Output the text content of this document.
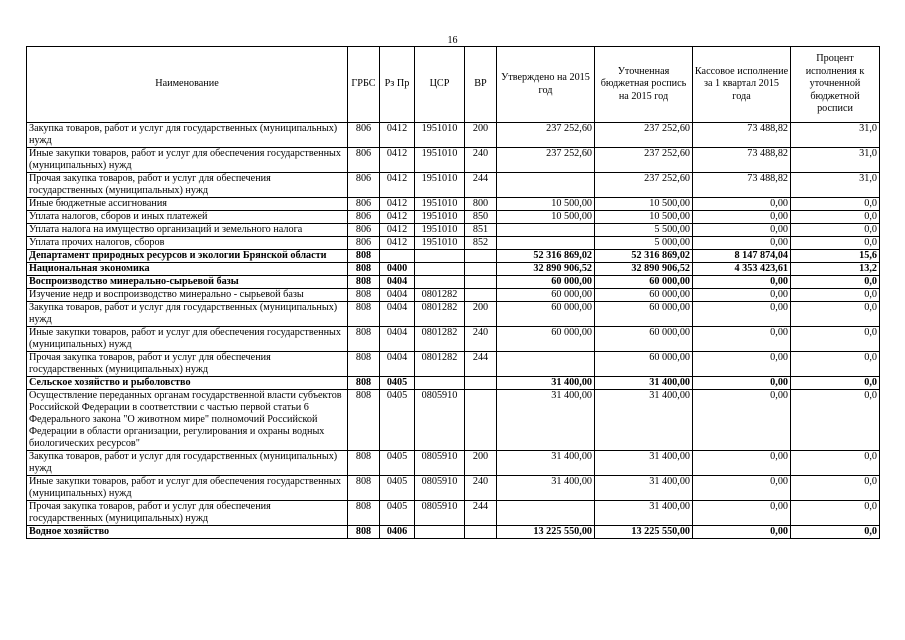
16
Наименование	ГРБС	Рз Пр	ЦСР	ВР	Утверждено на 2015 год	Уточненная бюджетная роспись на 2015 год	Кассовое исполнение за 1 квартал 2015 года	Процент исполнения к уточненной бюджетной росписи
Закупка товаров, работ и услуг для государственных (муниципальных) нужд	806	0412	1951010	200	237 252,60	237 252,60	73 488,82	31,0
Иные закупки товаров, работ и услуг для обеспечения государственных (муниципальных) нужд	806	0412	1951010	240	237 252,60	237 252,60	73 488,82	31,0
Прочая закупка товаров, работ и услуг для обеспечения государственных (муниципальных) нужд	806	0412	1951010	244		237 252,60	73 488,82	31,0
Иные бюджетные ассигнования	806	0412	1951010	800	10 500,00	10 500,00	0,00	0,0
Уплата налогов, сборов и иных платежей	806	0412	1951010	850	10 500,00	10 500,00	0,00	0,0
Уплата налога на имущество организаций и земельного налога	806	0412	1951010	851		5 500,00	0,00	0,0
Уплата прочих налогов, сборов	806	0412	1951010	852		5 000,00	0,00	0,0
Департамент природных ресурсов и экологии Брянской области	808				52 316 869,02	52 316 869,02	8 147 874,04	15,6
Национальная экономика	808	0400			32 890 906,52	32 890 906,52	4 353 423,61	13,2
Воспроизводство минерально-сырьевой базы	808	0404			60 000,00	60 000,00	0,00	0,0
Изучение недр и воспроизводство минерально - сырьевой базы	808	0404	0801282		60 000,00	60 000,00	0,00	0,0
Закупка товаров, работ и услуг для государственных (муниципальных) нужд	808	0404	0801282	200	60 000,00	60 000,00	0,00	0,0
Иные закупки товаров, работ и услуг для обеспечения государственных (муниципальных) нужд	808	0404	0801282	240	60 000,00	60 000,00	0,00	0,0
Прочая закупка товаров, работ и услуг для обеспечения государственных (муниципальных) нужд	808	0404	0801282	244		60 000,00	0,00	0,0
Сельское хозяйство и рыболовство	808	0405			31 400,00	31 400,00	0,00	0,0
Осуществление переданных органам государственной власти субъектов Российской Федерации в соответствии с частью первой статьи 6 Федерального закона "О животном мире" полномочий Российской Федерации в области организации, регулирования и охраны водных биологических ресурсов"	808	0405	0805910		31 400,00	31 400,00	0,00	0,0
Закупка товаров, работ и услуг для государственных (муниципальных) нужд	808	0405	0805910	200	31 400,00	31 400,00	0,00	0,0
Иные закупки товаров, работ и услуг для обеспечения государственных (муниципальных) нужд	808	0405	0805910	240	31 400,00	31 400,00	0,00	0,0
Прочая закупка товаров, работ и услуг для обеспечения государственных (муниципальных) нужд	808	0405	0805910	244		31 400,00	0,00	0,0
Водное хозяйство	808	0406			13 225 550,00	13 225 550,00	0,00	0,0
